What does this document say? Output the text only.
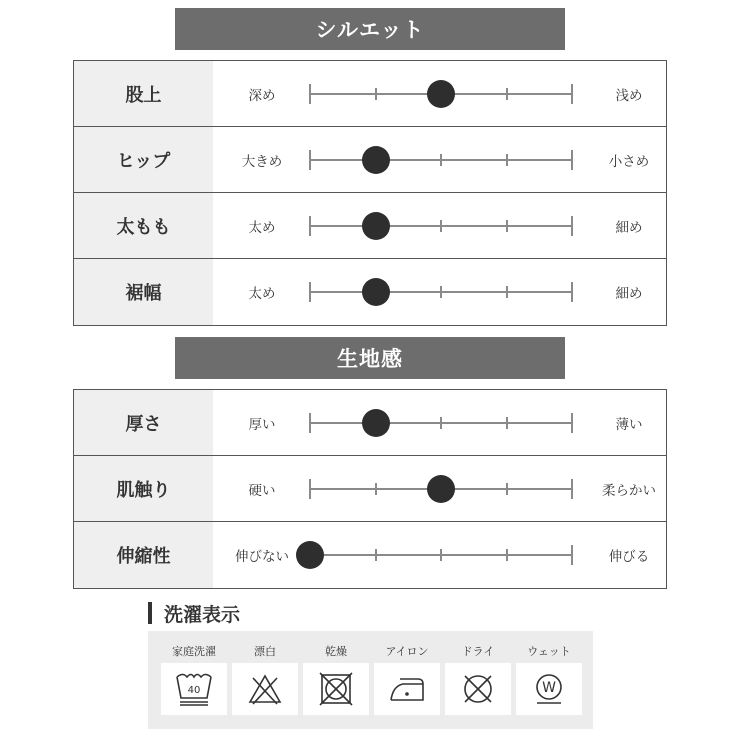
シルエット
股上	深め	浅め
ヒップ	大きめ	小さめ
太もも	太め	細め
裾幅	太め	細め
生地感
厚さ	厚い	薄い
肌触り	硬い	柔らかい
伸縮性	伸びない	伸びる
洗濯表示
家庭洗濯
40
漂白	乾燥	アイロン	ドライ	ウェット
W
